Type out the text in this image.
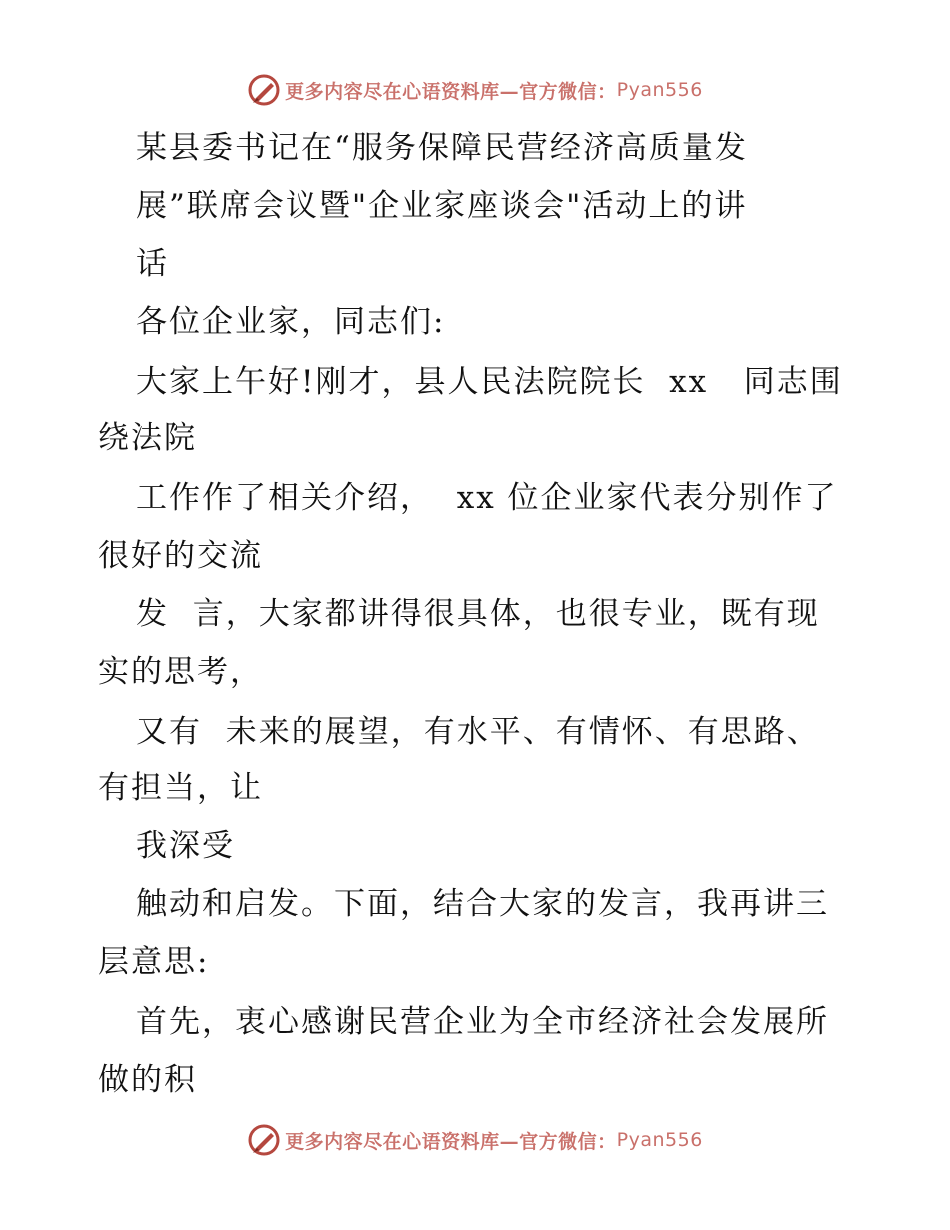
更多内容尽在心语资料库—官方微信： Pyan556
某县委书记在“服务保障民营经济高质量发
展”联席会议暨"企业家座谈会"活动上的讲
话
各位企业家，同志们:
大家上午好!刚才，县人民法院院长  xx   同志围
绕法院
工作作了相关介绍，  xx 位企业家代表分别作了
很好的交流
发  言，大家都讲得很具体，也很专业，既有现
实的思考，
又有  未来的展望，有水平、有情怀、有思路、
有担当，让
我深受
触动和启发。下面，结合大家的发言，我再讲三
层意思:
首先，衷心感谢民营企业为全市经济社会发展所
做的积
更多内容尽在心语资料库—官方微信： Pyan556
